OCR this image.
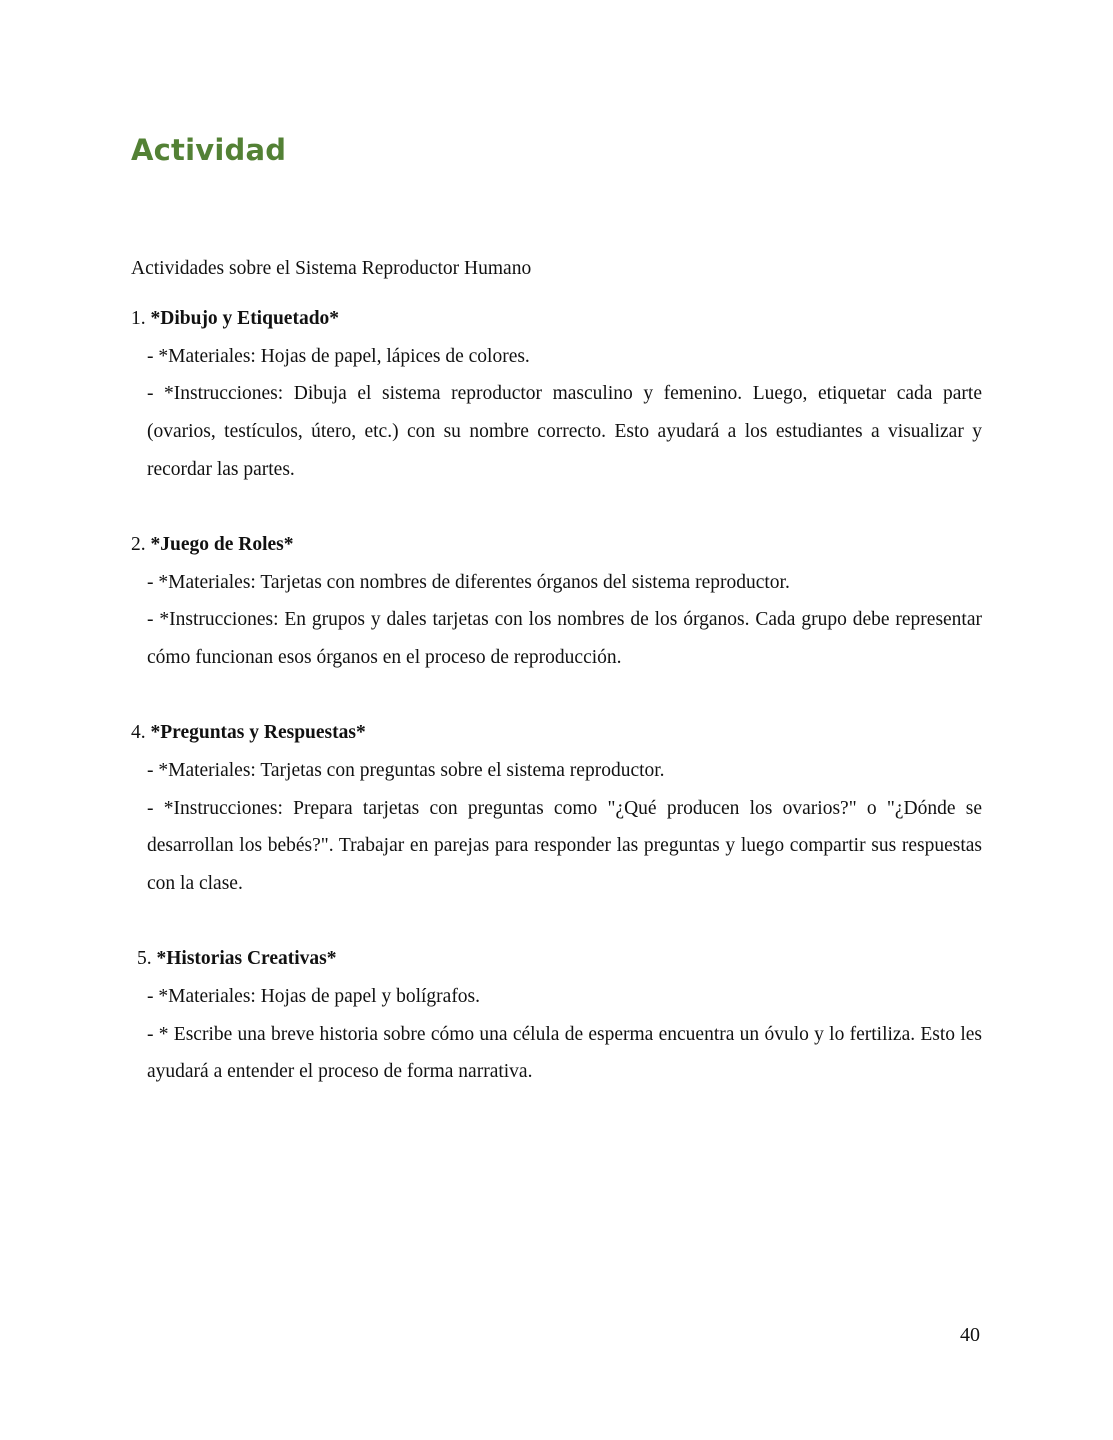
Actividad

Actividades sobre el Sistema Reproductor Humano

1. *Dibujo y Etiquetado*

- *Materiales: Hojas de papel, lápices de colores.

- *Instrucciones: Dibuja el sistema reproductor masculino y femenino. Luego, etiquetar cada parte (ovarios, testículos, útero, etc.) con su nombre correcto. Esto ayudará a los estudiantes a visualizar y recordar las partes.

2. *Juego de Roles*

- *Materiales: Tarjetas con nombres de diferentes órganos del sistema reproductor.

- *Instrucciones: En grupos y dales tarjetas con los nombres de los órganos. Cada grupo debe representar cómo funcionan esos órganos en el proceso de reproducción.

4. *Preguntas y Respuestas*

- *Materiales: Tarjetas con preguntas sobre el sistema reproductor.

- *Instrucciones: Prepara tarjetas con preguntas como "¿Qué producen los ovarios?" o "¿Dónde se desarrollan los bebés?". Trabajar en parejas para responder las preguntas y luego compartir sus respuestas con la clase.

5. *Historias Creativas*

- *Materiales: Hojas de papel y bolígrafos.

- * Escribe una breve historia sobre cómo una célula de esperma encuentra un óvulo y lo fertiliza. Esto les ayudará a entender el proceso de forma narrativa.

40
